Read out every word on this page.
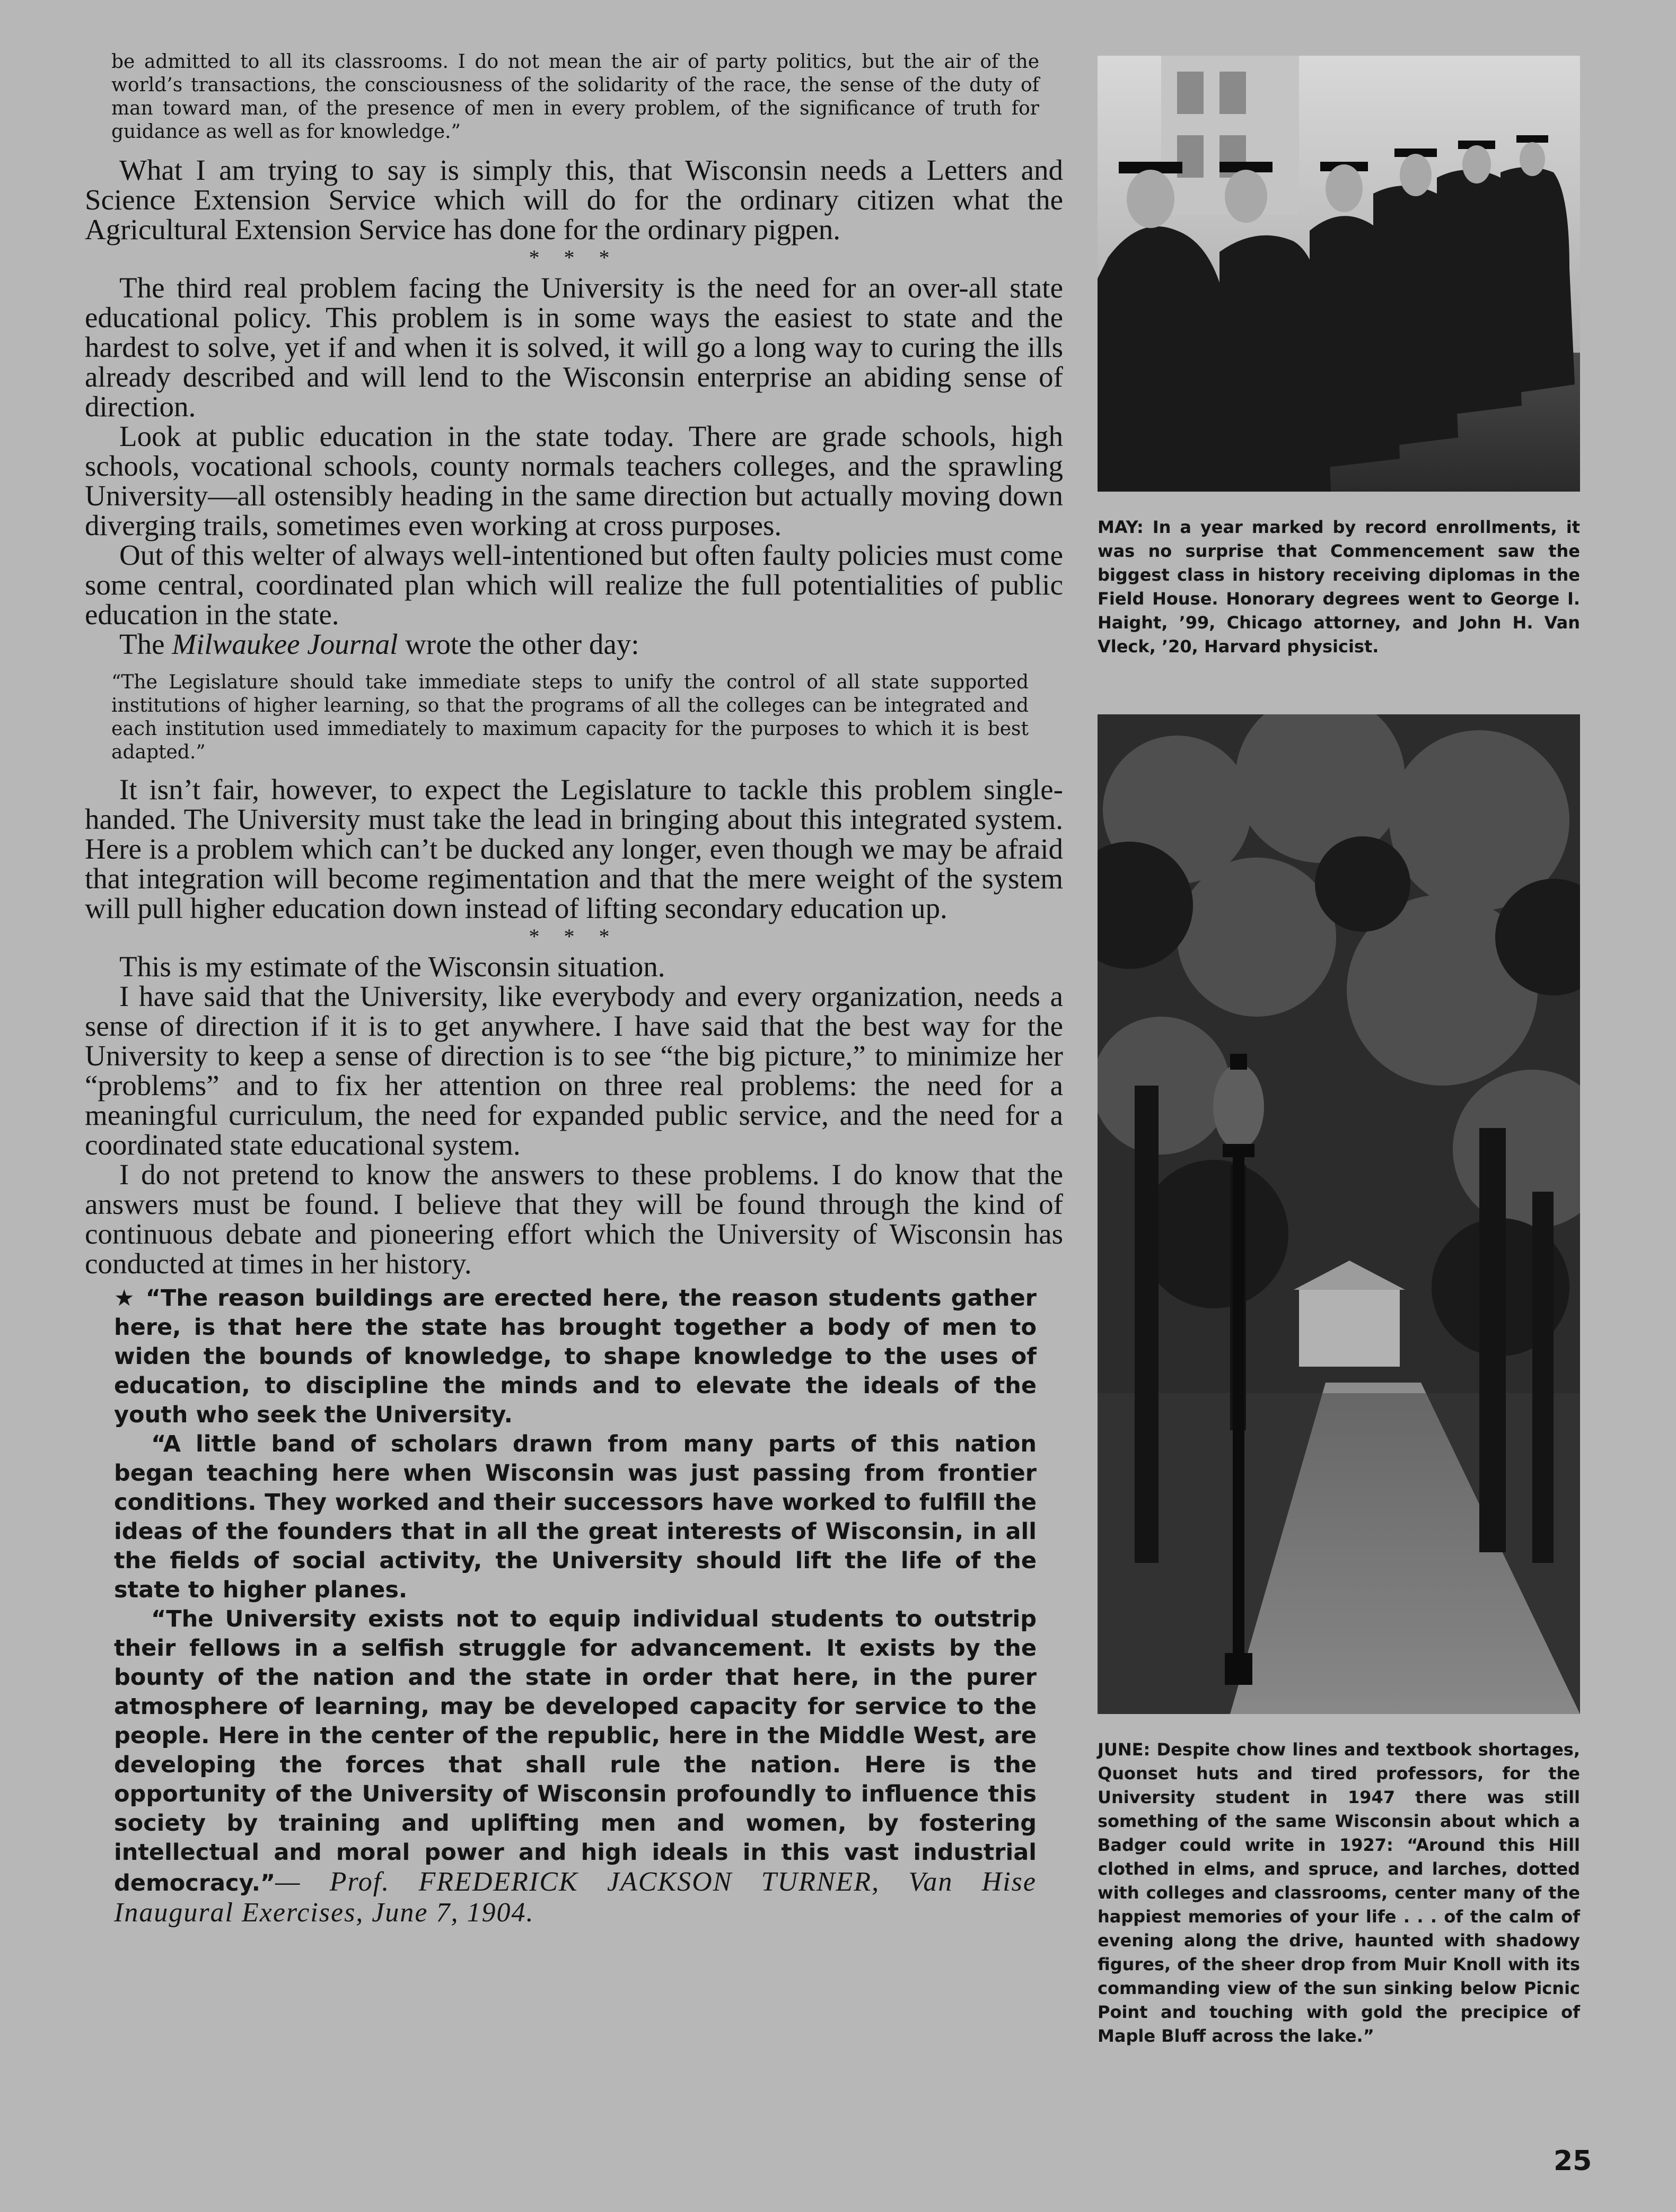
be admitted to all its classrooms. I do not mean the air of party politics, but the air of the world’s transactions, the consciousness of the solidarity of the race, the sense of the duty of man toward man, of the presence of men in every problem, of the significance of truth for guidance as well as for knowledge.”

What I am trying to say is simply this, that Wisconsin needs a Letters and Science Extension Service which will do for the ordinary citizen what the Agricultural Extension Service has done for the ordinary pigpen.

* * *

The third real problem facing the University is the need for an over-all state educational policy. This problem is in some ways the easiest to state and the hardest to solve, yet if and when it is solved, it will go a long way to curing the ills already described and will lend to the Wisconsin enterprise an abiding sense of direction.

Look at public education in the state today. There are grade schools, high schools, vocational schools, county normals teachers colleges, and the sprawling University—all ostensibly heading in the same direction but actually moving down diverging trails, sometimes even working at cross purposes.

Out of this welter of always well-intentioned but often faulty policies must come some central, coordinated plan which will realize the full potentialities of public education in the state.

The Milwaukee Journal wrote the other day:

“The Legislature should take immediate steps to unify the control of all state supported institutions of higher learning, so that the programs of all the colleges can be integrated and each institution used immediately to maximum capacity for the purposes to which it is best adapted.”

It isn’t fair, however, to expect the Legislature to tackle this problem single-handed. The University must take the lead in bringing about this integrated system. Here is a problem which can’t be ducked any longer, even though we may be afraid that integration will become regimentation and that the mere weight of the system will pull higher education down instead of lifting secondary education up.

* * *

This is my estimate of the Wisconsin situation.

I have said that the University, like everybody and every organization, needs a sense of direction if it is to get anywhere. I have said that the best way for the University to keep a sense of direction is to see “the big picture,” to minimize her “problems” and to fix her attention on three real problems: the need for a meaningful curriculum, the need for expanded public service, and the need for a coordinated state educational system.

I do not pretend to know the answers to these problems. I do know that the answers must be found. I believe that they will be found through the kind of continuous debate and pioneering effort which the University of Wisconsin has conducted at times in her history.

★ “The reason buildings are erected here, the reason students gather here, is that here the state has brought together a body of men to widen the bounds of knowledge, to shape knowledge to the uses of education, to discipline the minds and to elevate the ideals of the youth who seek the University.

“A little band of scholars drawn from many parts of this nation began teaching here when Wisconsin was just passing from frontier conditions. They worked and their successors have worked to fulfill the ideas of the founders that in all the great interests of Wisconsin, in all the fields of social activity, the University should lift the life of the state to higher planes.

“The University exists not to equip individual students to outstrip their fellows in a selfish struggle for advancement. It exists by the bounty of the nation and the state in order that here, in the purer atmosphere of learning, may be developed capacity for service to the people. Here in the center of the republic, here in the Middle West, are developing the forces that shall rule the nation. Here is the opportunity of the University of Wisconsin profoundly to influence this society by training and uplifting men and women, by fostering intellectual and moral power and high ideals in this vast industrial democracy.”— Prof. FREDERICK JACKSON TURNER, Van Hise Inaugural Exercises, June 7, 1904.

MAY: In a year marked by record enrollments, it was no surprise that Commencement saw the biggest class in history receiving diplomas in the Field House. Honorary degrees went to George I. Haight, ’99, Chicago attorney, and John H. Van Vleck, ’20, Harvard physicist.

JUNE: Despite chow lines and textbook shortages, Quonset huts and tired professors, for the University student in 1947 there was still something of the same Wisconsin about which a Badger could write in 1927: “Around this Hill clothed in elms, and spruce, and larches, dotted with colleges and classrooms, center many of the happiest memories of your life . . . of the calm of evening along the drive, haunted with shadowy figures, of the sheer drop from Muir Knoll with its commanding view of the sun sinking below Picnic Point and touching with gold the precipice of Maple Bluff across the lake.”

25
